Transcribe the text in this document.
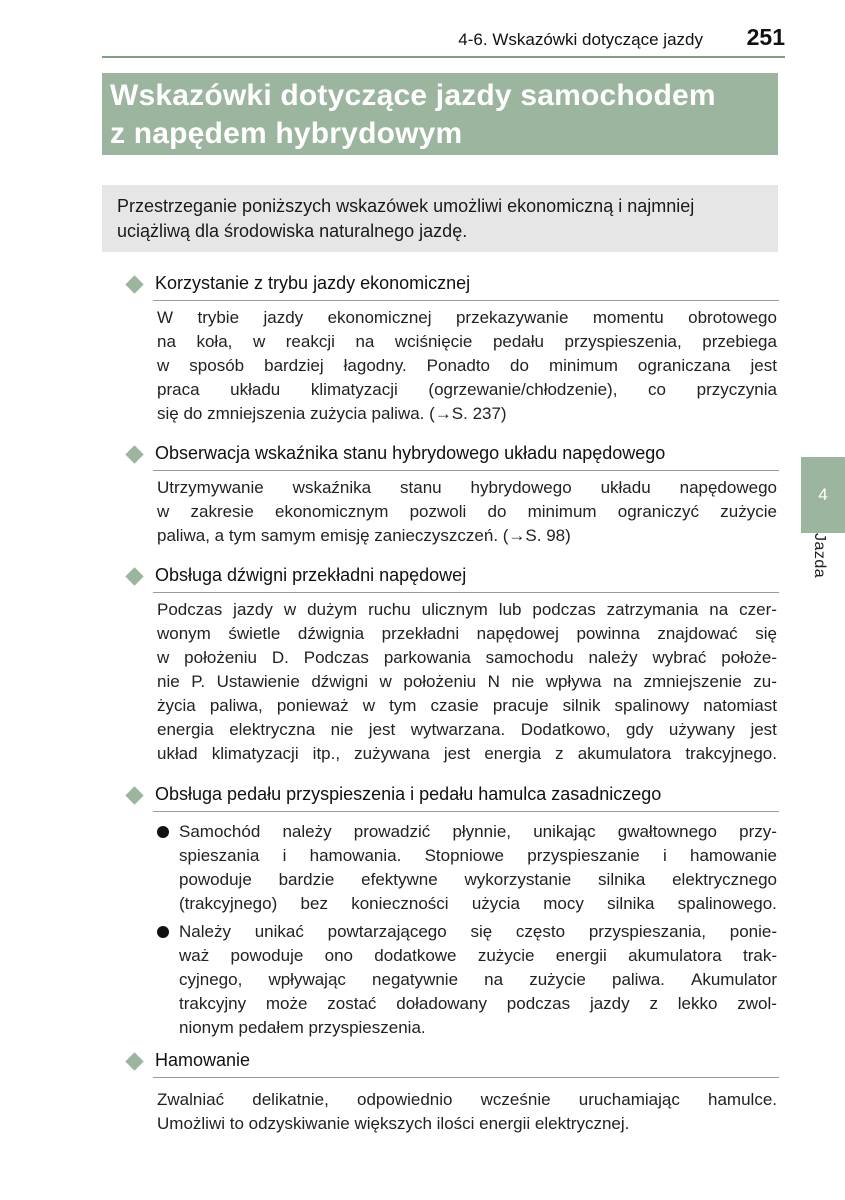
4-6. Wskazówki dotyczące jazdy 251
Wskazówki dotyczące jazdy samochodem
z napędem hybrydowym
Przestrzeganie poniższych wskazówek umożliwi ekonomiczną i najmniej
uciążliwą dla środowiska naturalnego jazdę.
Korzystanie z trybu jazdy ekonomicznej
W trybie jazdy ekonomicznej przekazywanie momentu obrotowego
na koła, w reakcji na wciśnięcie pedału przyspieszenia, przebiega
w sposób bardziej łagodny. Ponadto do minimum ograniczana jest
praca układu klimatyzacji (ogrzewanie/chłodzenie), co przyczynia
się do zmniejszenia zużycia paliwa. (→S. 237)
Obserwacja wskaźnika stanu hybrydowego układu napędowego
Utrzymywanie wskaźnika stanu hybrydowego układu napędowego
w zakresie ekonomicznym pozwoli do minimum ograniczyć zużycie
paliwa, a tym samym emisję zanieczyszczeń. (→S. 98)
Obsługa dźwigni przekładni napędowej
Podczas jazdy w dużym ruchu ulicznym lub podczas zatrzymania na czer-
wonym świetle dźwignia przekładni napędowej powinna znajdować się
w położeniu D. Podczas parkowania samochodu należy wybrać położe-
nie P. Ustawienie dźwigni w położeniu N nie wpływa na zmniejszenie zu-
życia paliwa, ponieważ w tym czasie pracuje silnik spalinowy natomiast
energia elektryczna nie jest wytwarzana. Dodatkowo, gdy używany jest
układ klimatyzacji itp., zużywana jest energia z akumulatora trakcyjnego.
Obsługa pedału przyspieszenia i pedału hamulca zasadniczego
Samochód należy prowadzić płynnie, unikając gwałtownego przy-
spieszania i hamowania. Stopniowe przyspieszanie i hamowanie
powoduje bardzie efektywne wykorzystanie silnika elektrycznego
(trakcyjnego) bez konieczności użycia mocy silnika spalinowego.
Należy unikać powtarzającego się często przyspieszania, ponie-
waż powoduje ono dodatkowe zużycie energii akumulatora trak-
cyjnego, wpływając negatywnie na zużycie paliwa. Akumulator
trakcyjny może zostać doładowany podczas jazdy z lekko zwol-
nionym pedałem przyspieszenia.
Hamowanie
Zwalniać delikatnie, odpowiednio wcześnie uruchamiając hamulce.
Umożliwi to odzyskiwanie większych ilości energii elektrycznej.
4
Jazda
